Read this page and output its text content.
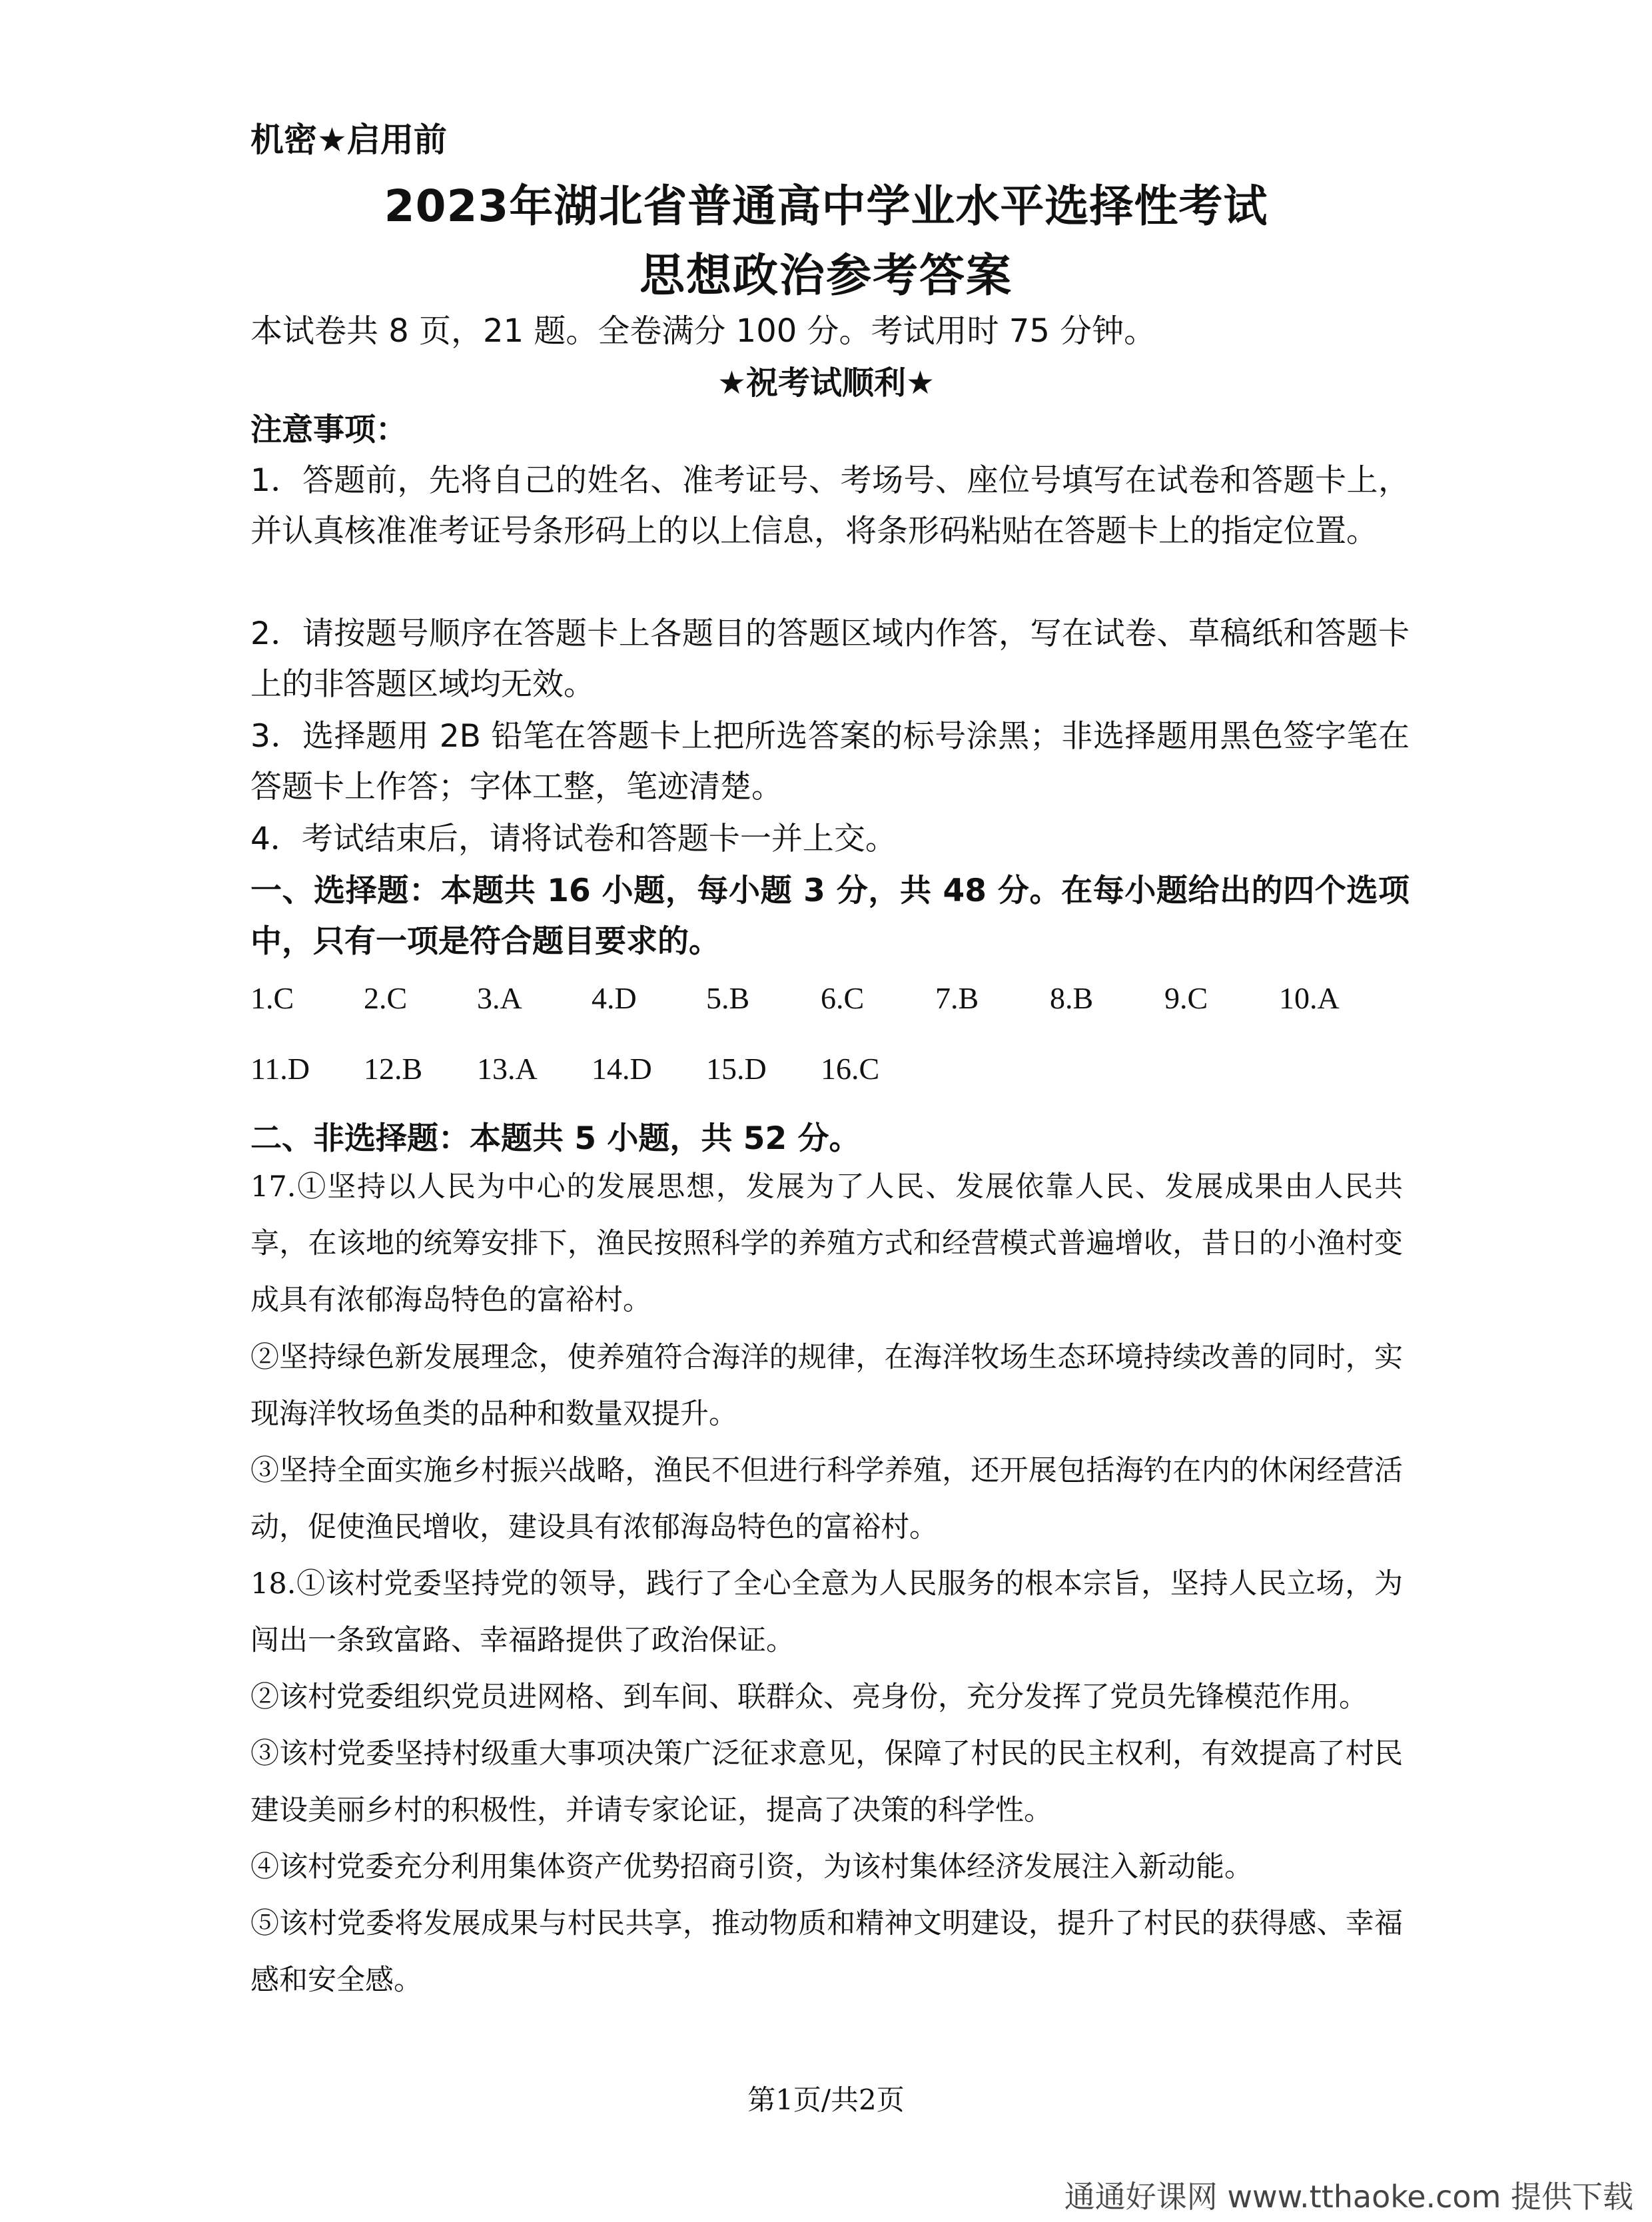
机密★启用前
2023年湖北省普通高中学业水平选择性考试
思想政治参考答案
本试卷共 8 页，21 题。全卷满分 100 分。考试用时 75 分钟。
★祝考试顺利★
注意事项：
1．答题前，先将自己的姓名、准考证号、考场号、座位号填写在试卷和答题卡上，并认真核准准考证号条形码上的以上信息，将条形码粘贴在答题卡上的指定位置。
2．请按题号顺序在答题卡上各题目的答题区域内作答，写在试卷、草稿纸和答题卡上的非答题区域均无效。
3．选择题用 2B 铅笔在答题卡上把所选答案的标号涂黑；非选择题用黑色签字笔在答题卡上作答；字体工整，笔迹清楚。
4．考试结束后，请将试卷和答题卡一并上交。
一、选择题：本题共 16 小题，每小题 3 分，共 48 分。在每小题给出的四个选项中，只有一项是符合题目要求的。
1.C 2.C 3.A 4.D 5.B 6.C 7.B 8.B 9.C 10.A
11.D 12.B 13.A 14.D 15.D 16.C
二、非选择题：本题共 5 小题，共 52 分。
17.①坚持以人民为中心的发展思想，发展为了人民、发展依靠人民、发展成果由人民共享，在该地的统筹安排下，渔民按照科学的养殖方式和经营模式普遍增收，昔日的小渔村变成具有浓郁海岛特色的富裕村。
②坚持绿色新发展理念，使养殖符合海洋的规律，在海洋牧场生态环境持续改善的同时，实现海洋牧场鱼类的品种和数量双提升。
③坚持全面实施乡村振兴战略，渔民不但进行科学养殖，还开展包括海钓在内的休闲经营活动，促使渔民增收，建设具有浓郁海岛特色的富裕村。
18.①该村党委坚持党的领导，践行了全心全意为人民服务的根本宗旨，坚持人民立场，为闯出一条致富路、幸福路提供了政治保证。
②该村党委组织党员进网格、到车间、联群众、亮身份，充分发挥了党员先锋模范作用。
③该村党委坚持村级重大事项决策广泛征求意见，保障了村民的民主权利，有效提高了村民建设美丽乡村的积极性，并请专家论证，提高了决策的科学性。
④该村党委充分利用集体资产优势招商引资，为该村集体经济发展注入新动能。
⑤该村党委将发展成果与村民共享，推动物质和精神文明建设，提升了村民的获得感、幸福感和安全感。
第1页/共2页
通通好课网 www.tthaoke.com 提供下载
